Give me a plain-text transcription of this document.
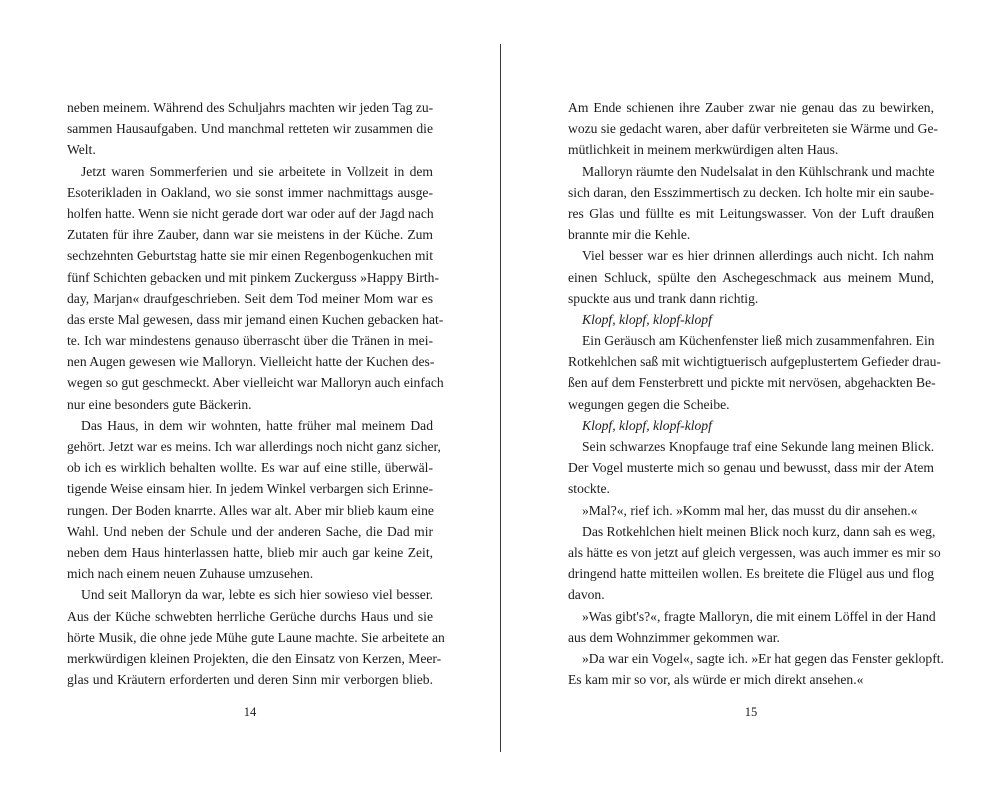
neben meinem. Während des Schuljahrs machten wir jeden Tag zu-
sammen Hausaufgaben. Und manchmal retteten wir zusammen die
Welt.
Jetzt waren Sommerferien und sie arbeitete in Vollzeit in dem
Esoterikladen in Oakland, wo sie sonst immer nachmittags ausge-
holfen hatte. Wenn sie nicht gerade dort war oder auf der Jagd nach
Zutaten für ihre Zauber, dann war sie meistens in der Küche. Zum
sechzehnten Geburtstag hatte sie mir einen Regenbogenkuchen mit
fünf Schichten gebacken und mit pinkem Zuckerguss »Happy Birth-
day, Marjan« draufgeschrieben. Seit dem Tod meiner Mom war es
das erste Mal gewesen, dass mir jemand einen Kuchen gebacken hat-
te. Ich war mindestens genauso überrascht über die Tränen in mei-
nen Augen gewesen wie Malloryn. Vielleicht hatte der Kuchen des-
wegen so gut geschmeckt. Aber vielleicht war Malloryn auch einfach
nur eine besonders gute Bäckerin.
Das Haus, in dem wir wohnten, hatte früher mal meinem Dad
gehört. Jetzt war es meins. Ich war allerdings noch nicht ganz sicher,
ob ich es wirklich behalten wollte. Es war auf eine stille, überwäl-
tigende Weise einsam hier. In jedem Winkel verbargen sich Erinne-
rungen. Der Boden knarrte. Alles war alt. Aber mir blieb kaum eine
Wahl. Und neben der Schule und der anderen Sache, die Dad mir
neben dem Haus hinterlassen hatte, blieb mir auch gar keine Zeit,
mich nach einem neuen Zuhause umzusehen.
Und seit Malloryn da war, lebte es sich hier sowieso viel besser.
Aus der Küche schwebten herrliche Gerüche durchs Haus und sie
hörte Musik, die ohne jede Mühe gute Laune machte. Sie arbeitete an
merkwürdigen kleinen Projekten, die den Einsatz von Kerzen, Meer-
glas und Kräutern erforderten und deren Sinn mir verborgen blieb.
Am Ende schienen ihre Zauber zwar nie genau das zu bewirken,
wozu sie gedacht waren, aber dafür verbreiteten sie Wärme und Ge-
mütlichkeit in meinem merkwürdigen alten Haus.
Malloryn räumte den Nudelsalat in den Kühlschrank und machte
sich daran, den Esszimmertisch zu decken. Ich holte mir ein saube-
res Glas und füllte es mit Leitungswasser. Von der Luft draußen
brannte mir die Kehle.
Viel besser war es hier drinnen allerdings auch nicht. Ich nahm
einen Schluck, spülte den Aschegeschmack aus meinem Mund,
spuckte aus und trank dann richtig.
Klopf, klopf, klopf-klopf
Ein Geräusch am Küchenfenster ließ mich zusammenfahren. Ein
Rotkehlchen saß mit wichtigtuerisch aufgeplustertem Gefieder drau-
ßen auf dem Fensterbrett und pickte mit nervösen, abgehackten Be-
wegungen gegen die Scheibe.
Klopf, klopf, klopf-klopf
Sein schwarzes Knopfauge traf eine Sekunde lang meinen Blick.
Der Vogel musterte mich so genau und bewusst, dass mir der Atem
stockte.
»Mal?«, rief ich. »Komm mal her, das musst du dir ansehen.«
Das Rotkehlchen hielt meinen Blick noch kurz, dann sah es weg,
als hätte es von jetzt auf gleich vergessen, was auch immer es mir so
dringend hatte mitteilen wollen. Es breitete die Flügel aus und flog
davon.
»Was gibt's?«, fragte Malloryn, die mit einem Löffel in der Hand
aus dem Wohnzimmer gekommen war.
»Da war ein Vogel«, sagte ich. »Er hat gegen das Fenster geklopft.
Es kam mir so vor, als würde er mich direkt ansehen.«
14	15
